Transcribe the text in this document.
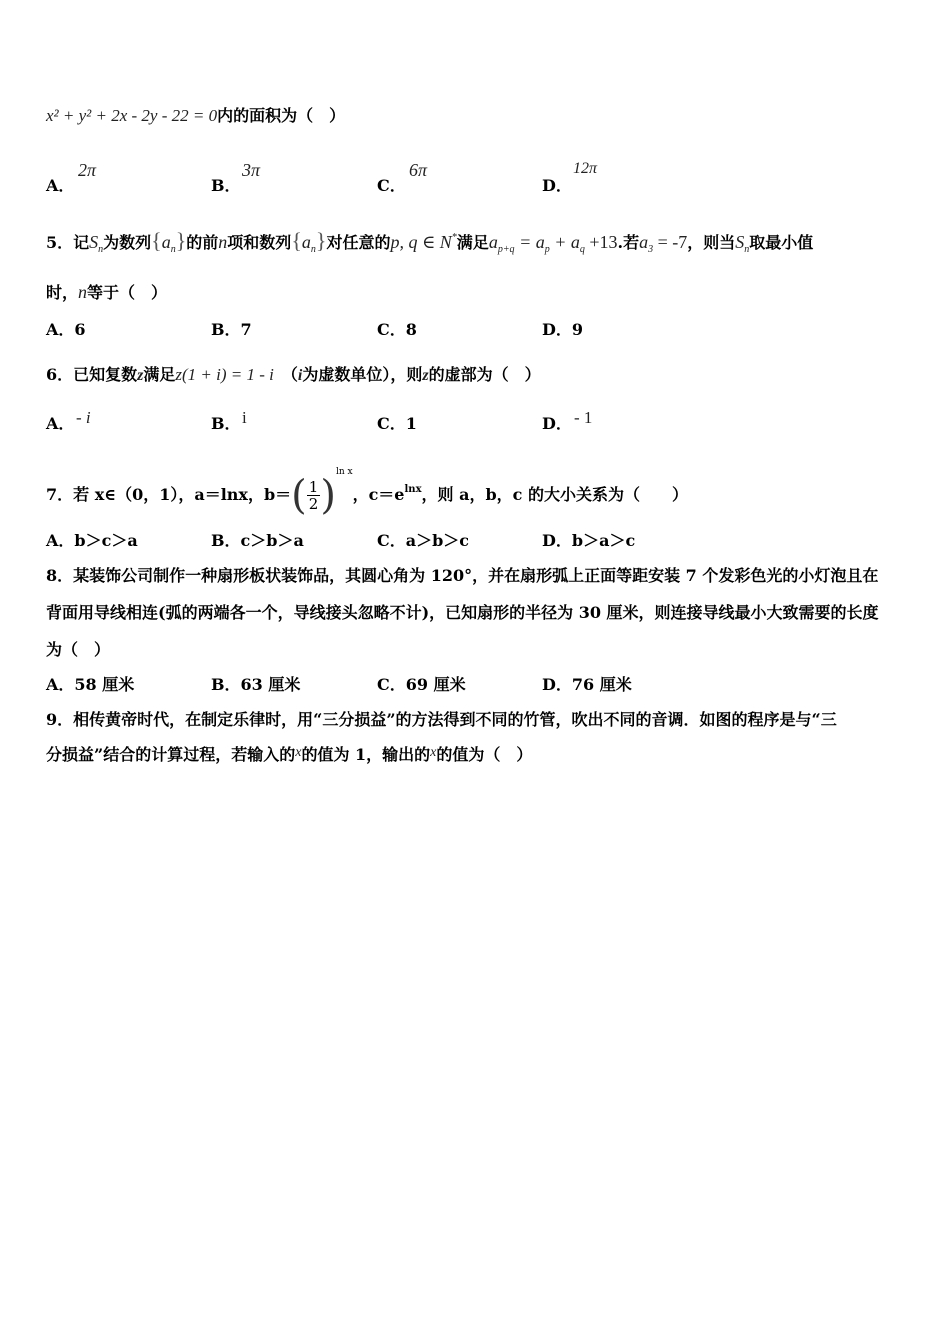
x² + y² + 2x - 2y - 22 = 0内的面积为（　）
A．
2π
B．
3π
C．
6π
D．
12π
5．记$S_n$为数列$\{a_n\}$的前n项和数列$\{a_n\}$对任意的p, q ∈ N*满足$a_{p+q} = a_p + a_q +13$.若$a_3 = -7$，则当$S_n$取最小值
时，n等于（　）
A．6	B．7	C．8	D．9
6．已知复数z满足z(1 + i) = 1 - i　 （i为虚数单位），则z的虚部为（　）
A． - i	B． i	C．1	D． - 1
7．若 x∈（0，1），a＝lnx，$b=( \frac{1}{2} )^{ln x}$，$c=e^{lnx}$，则 a，b，c 的大小关系为（　　）
A．b＞c＞a	B．c＞b＞a	C．a＞b＞c	D．b＞a＞c
8．某装饰公司制作一种扇形板状装饰品，其圆心角为 120°，并在扇形弧上正面等距安装 7 个发彩色光的小灯泡且在
背面用导线相连(弧的两端各一个，导线接头忽略不计)，已知扇形的半径为 30 厘米，则连接导线最小大致需要的长度
为（　）
A．58 厘米	B．63 厘米	C．69 厘米	D．76 厘米
9．相传黄帝时代，在制定乐律时，用“三分损益”的方法得到不同的竹管，吹出不同的音调．如图的程序是与“三
分损益”结合的计算过程，若输入的x的值为 1，输出的x的值为（　）
